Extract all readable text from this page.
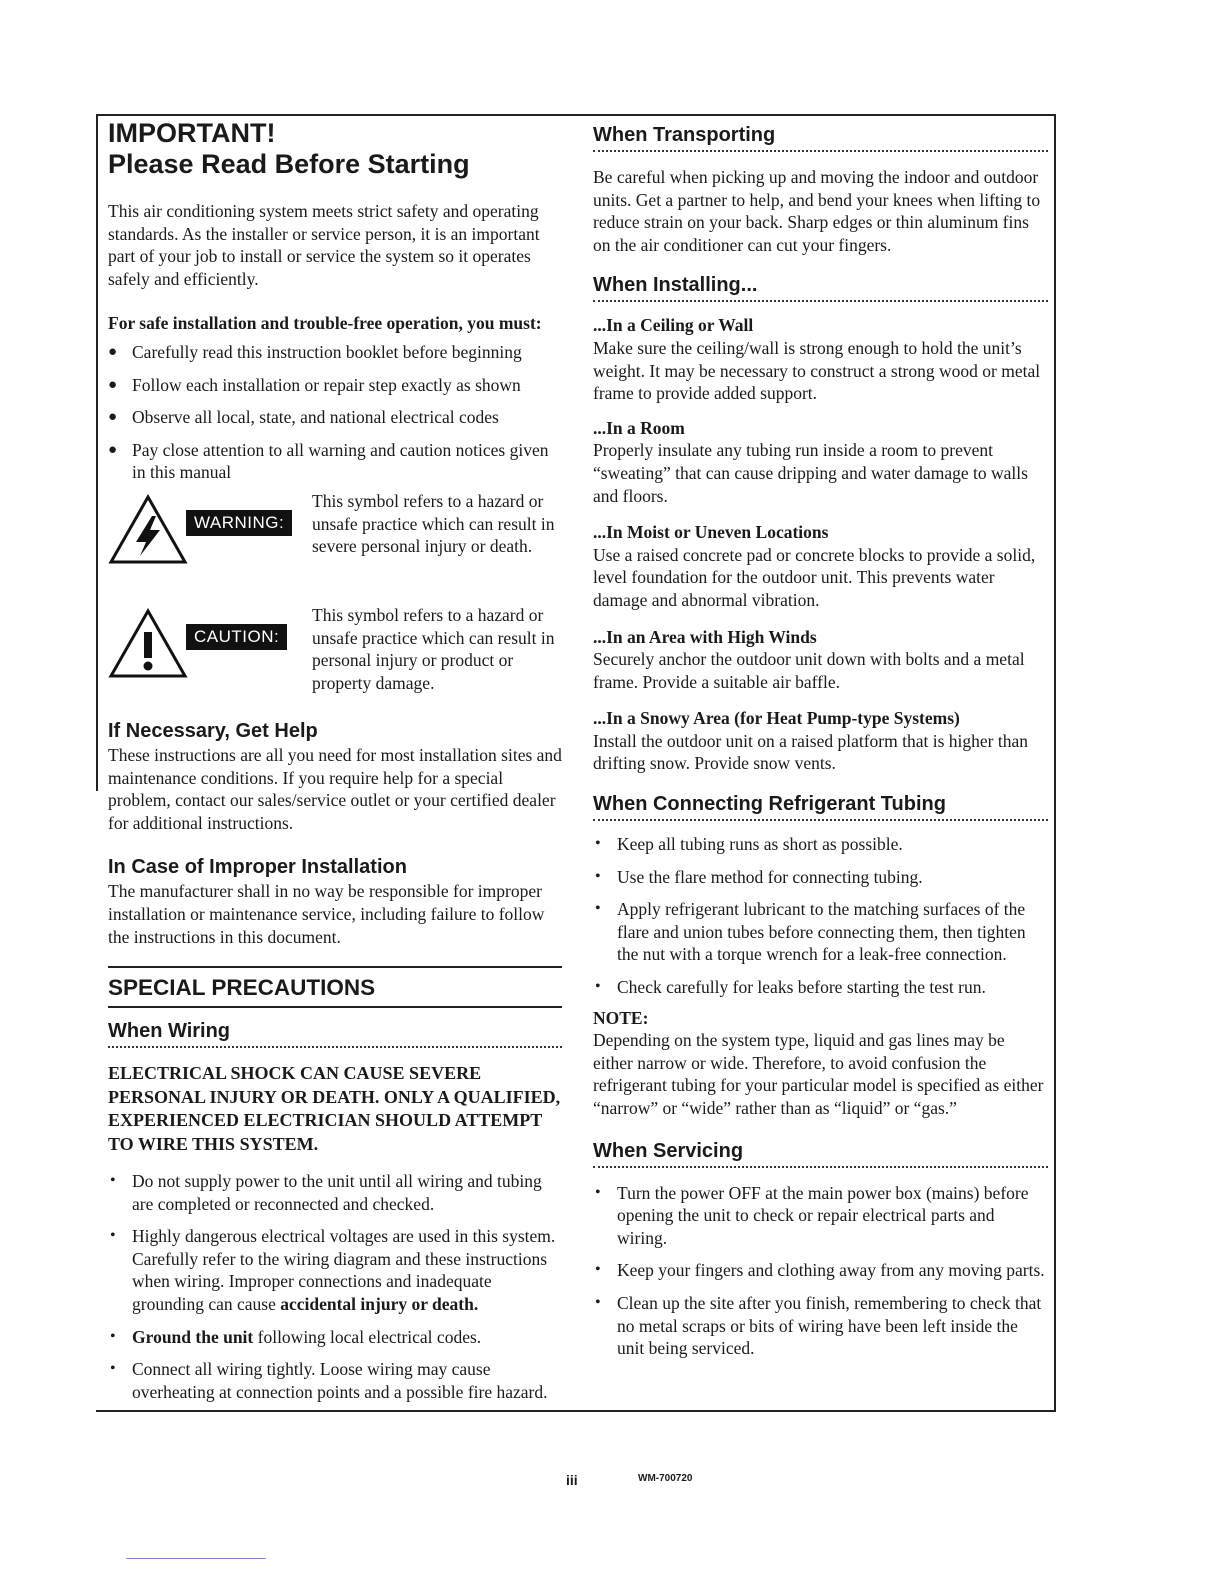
IMPORTANT!
Please Read Before Starting

This air conditioning system meets strict safety and operating standards. As the installer or service person, it is an important part of your job to install or service the system so it operates safely and efficiently.

For safe installation and trouble-free operation, you must:

● Carefully read this instruction booklet before beginning
● Follow each installation or repair step exactly as shown
● Observe all local, state, and national electrical codes
● Pay close attention to all warning and caution notices given in this manual
WARNING:

This symbol refers to a hazard or unsafe practice which can result in severe personal injury or death.

CAUTION:

This symbol refers to a hazard or unsafe practice which can result in personal injury or product or property damage.

If Necessary, Get Help

These instructions are all you need for most installation sites and maintenance conditions. If you require help for a special problem, contact our sales/service outlet or your certified dealer for additional instructions.

In Case of Improper Installation

The manufacturer shall in no way be responsible for improper installation or maintenance service, including failure to follow the instructions in this document.

SPECIAL PRECAUTIONS
When Wiring

ELECTRICAL SHOCK CAN CAUSE SEVERE PERSONAL INJURY OR DEATH. ONLY A QUALIFIED, EXPERIENCED ELECTRICIAN SHOULD ATTEMPT TO WIRE THIS SYSTEM.

• Do not supply power to the unit until all wiring and tubing are completed or reconnected and checked.
• Highly dangerous electrical voltages are used in this system. Carefully refer to the wiring diagram and these instructions when wiring. Improper connections and inadequate grounding can cause accidental injury or death.
• Ground the unit following local electrical codes.
• Connect all wiring tightly. Loose wiring may cause overheating at connection points and a possible fire hazard.
When Transporting

Be careful when picking up and moving the indoor and outdoor units. Get a partner to help, and bend your knees when lifting to reduce strain on your back. Sharp edges or thin aluminum fins on the air conditioner can cut your fingers.

When Installing...

...In a Ceiling or Wall

Make sure the ceiling/wall is strong enough to hold the unit’s weight. It may be necessary to construct a strong wood or metal frame to provide added support.

...In a Room

Properly insulate any tubing run inside a room to prevent “sweating” that can cause dripping and water damage to walls and floors.

...In Moist or Uneven Locations

Use a raised concrete pad or concrete blocks to provide a solid, level foundation for the outdoor unit. This prevents water damage and abnormal vibration.

...In an Area with High Winds

Securely anchor the outdoor unit down with bolts and a metal frame. Provide a suitable air baffle.

...In a Snowy Area (for Heat Pump-type Systems)

Install the outdoor unit on a raised platform that is higher than drifting snow. Provide snow vents.

When Connecting Refrigerant Tubing
• Keep all tubing runs as short as possible.
• Use the flare method for connecting tubing.
• Apply refrigerant lubricant to the matching surfaces of the flare and union tubes before connecting them, then tighten the nut with a torque wrench for a leak-free connection.
• Check carefully for leaks before starting the test run.

NOTE:

Depending on the system type, liquid and gas lines may be either narrow or wide. Therefore, to avoid confusion the refrigerant tubing for your particular model is specified as either “narrow” or “wide” rather than as “liquid” or “gas.”

When Servicing
• Turn the power OFF at the main power box (mains) before opening the unit to check or repair electrical parts and wiring.
• Keep your fingers and clothing away from any moving parts.
• Clean up the site after you finish, remembering to check that no metal scraps or bits of wiring have been left inside the unit being serviced.
iii	WM-700720
